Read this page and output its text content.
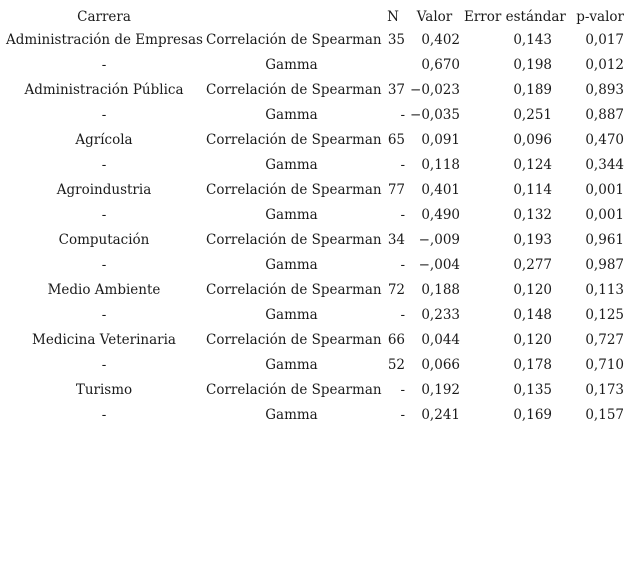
Carrera		N	Valor	Error estándar	p-valor
Administración de Empresas	Correlación de Spearman	35	0,402	0,143	0,017
-	Gamma		0,670	0,198	0,012
Administración Pública	Correlación de Spearman	37	−0,023	0,189	0,893
-	Gamma	-	−0,035	0,251	0,887
Agrícola	Correlación de Spearman	65	0,091	0,096	0,470
-	Gamma	-	0,118	0,124	0,344
Agroindustria	Correlación de Spearman	77	0,401	0,114	0,001
-	Gamma	-	0,490	0,132	0,001
Computación	Correlación de Spearman	34	−,009	0,193	0,961
-	Gamma	-	−,004	0,277	0,987
Medio Ambiente	Correlación de Spearman	72	0,188	0,120	0,113
-	Gamma	-	0,233	0,148	0,125
Medicina Veterinaria	Correlación de Spearman	66	0,044	0,120	0,727
-	Gamma	52	0,066	0,178	0,710
Turismo	Correlación de Spearman	-	0,192	0,135	0,173
-	Gamma	-	0,241	0,169	0,157
